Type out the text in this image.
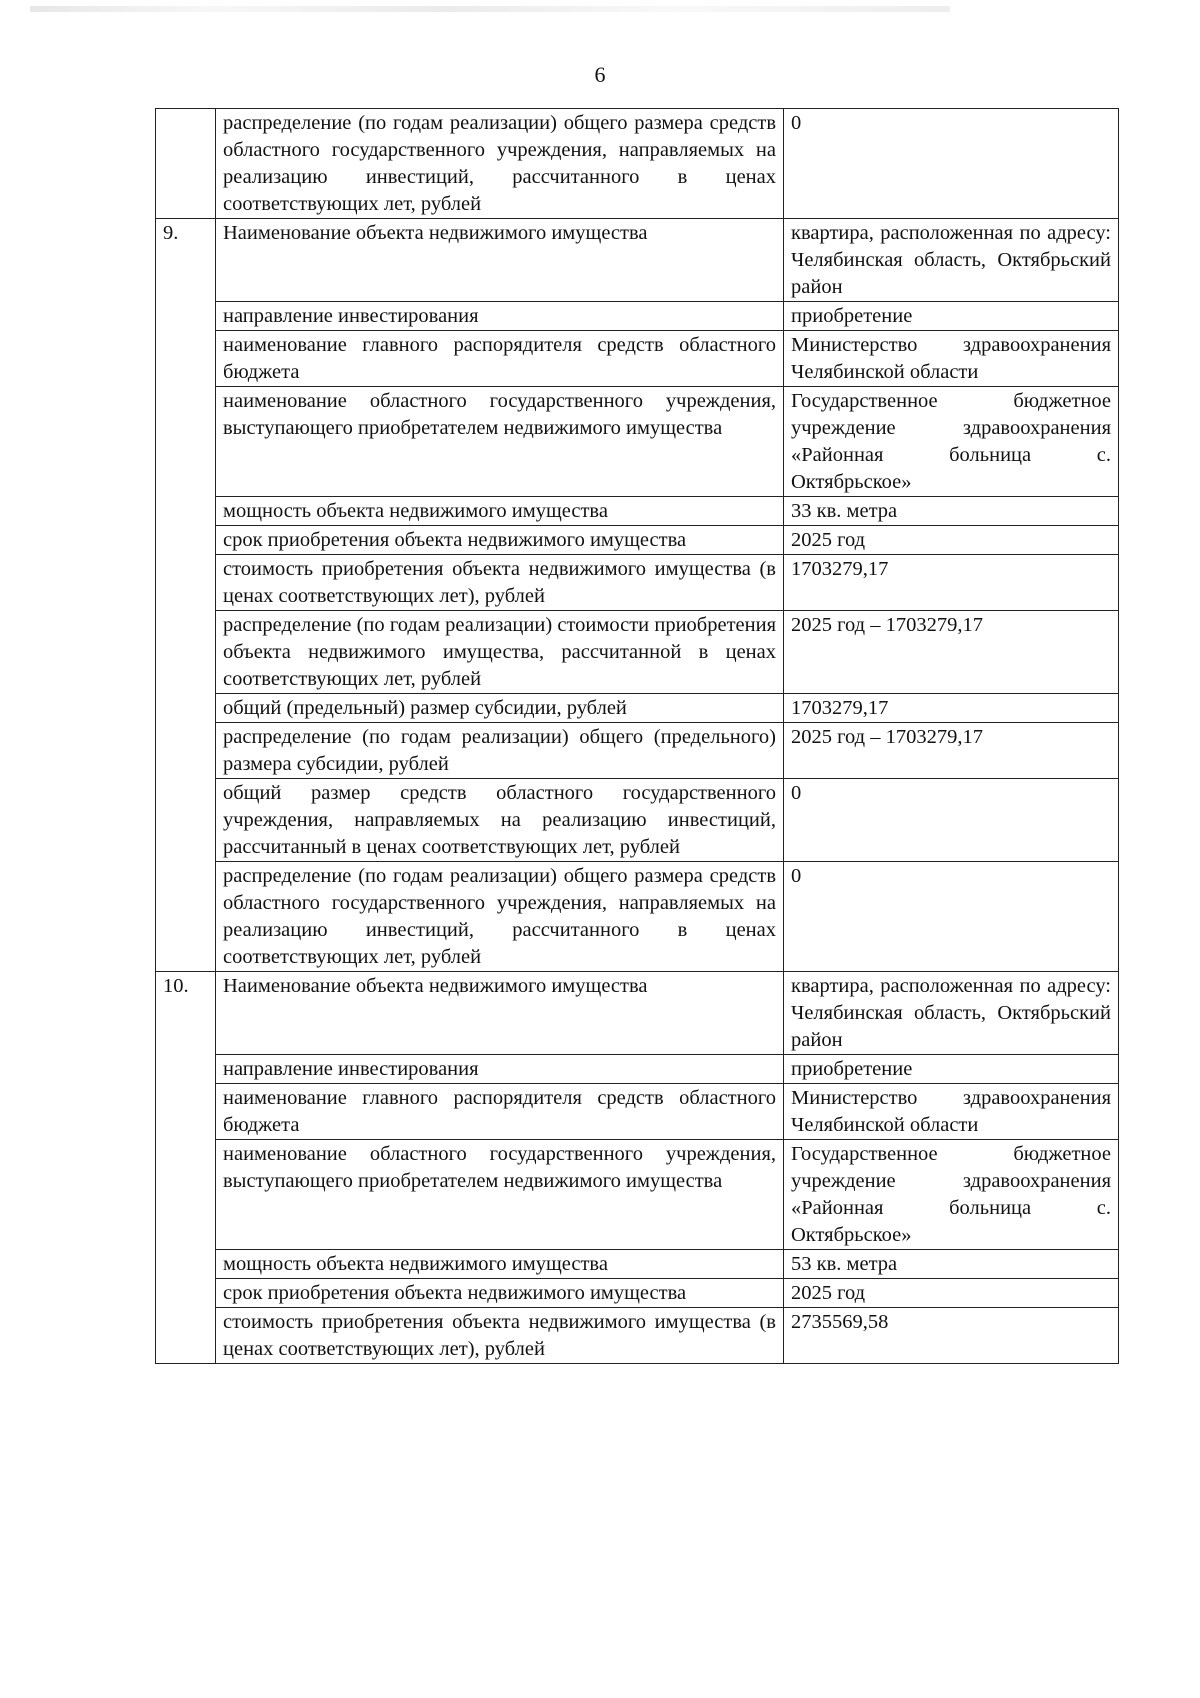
6
	распределение (по годам реализации) общего размера средств областного государственного учреждения, направляемых на реализацию инвестиций, рассчитанного в ценах соответствующих лет, рублей	0
9.	Наименование объекта недвижимого имущества	квартира, расположенная по адресу: Челябинская область, Октябрьский район
	направление инвестирования	приобретение
	наименование главного распорядителя средств областного бюджета	Министерство здравоохранения Челябинской области
	наименование областного государственного учреждения, выступающего приобретателем недвижимого имущества	Государственное бюджетное учреждение здравоохранения «Районная больница с. Октябрьское»
	мощность объекта недвижимого имущества	33 кв. метра
	срок приобретения объекта недвижимого имущества	2025 год
	стоимость приобретения объекта недвижимого имущества (в ценах соответствующих лет), рублей	1703279,17
	распределение (по годам реализации) стоимости приобретения объекта недвижимого имущества, рассчитанной в ценах соответствующих лет, рублей	2025 год – 1703279,17
	общий (предельный) размер субсидии, рублей	1703279,17
	распределение (по годам реализации) общего (предельного) размера субсидии, рублей	2025 год – 1703279,17
	общий размер средств областного государственного учреждения, направляемых на реализацию инвестиций, рассчитанный в ценах соответствующих лет, рублей	0
	распределение (по годам реализации) общего размера средств областного государственного учреждения, направляемых на реализацию инвестиций, рассчитанного в ценах соответствующих лет, рублей	0
10.	Наименование объекта недвижимого имущества	квартира, расположенная по адресу: Челябинская область, Октябрьский район
	направление инвестирования	приобретение
	наименование главного распорядителя средств областного бюджета	Министерство здравоохранения Челябинской области
	наименование областного государственного учреждения, выступающего приобретателем недвижимого имущества	Государственное бюджетное учреждение здравоохранения «Районная больница с. Октябрьское»
	мощность объекта недвижимого имущества	53 кв. метра
	срок приобретения объекта недвижимого имущества	2025 год
	стоимость приобретения объекта недвижимого имущества (в ценах соответствующих лет), рублей	2735569,58
